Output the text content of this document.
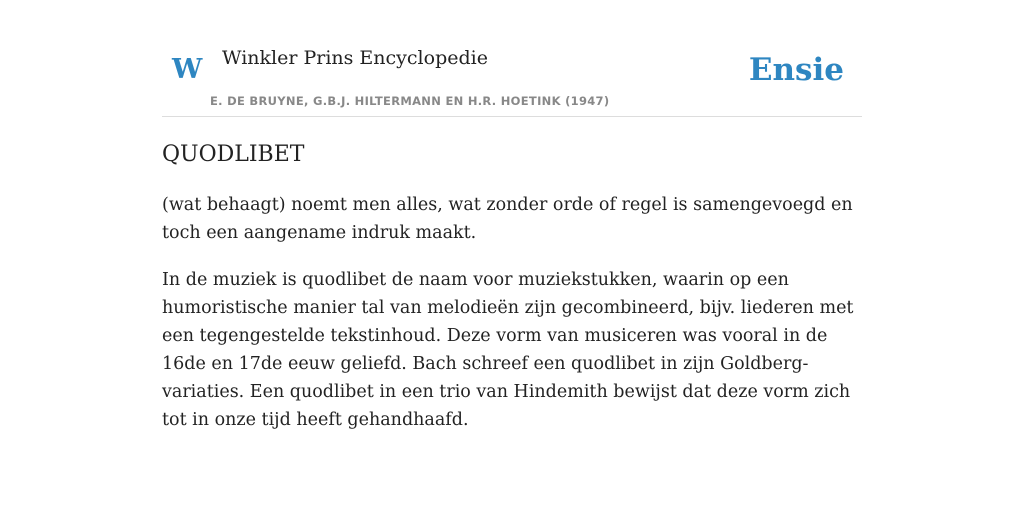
W Winkler Prins Encyclopedie
E. DE BRUYNE, G.B.J. HILTERMANN EN H.R. HOETINK (1947)
Ensie
QUODLIBET

(wat behaagt) noemt men alles, wat zonder orde of regel is samengevoegd en toch een aangename indruk maakt.

In de muziek is quodlibet de naam voor muziekstukken, waarin op een humoristische manier tal van melodieën zijn gecombineerd, bijv. liederen met een tegengestelde tekstinhoud. Deze vorm van musiceren was vooral in de 16de en 17de eeuw geliefd. Bach schreef een quodlibet in zijn Goldberg-variaties. Een quodlibet in een trio van Hindemith bewijst dat deze vorm zich tot in onze tijd heeft gehandhaafd.
